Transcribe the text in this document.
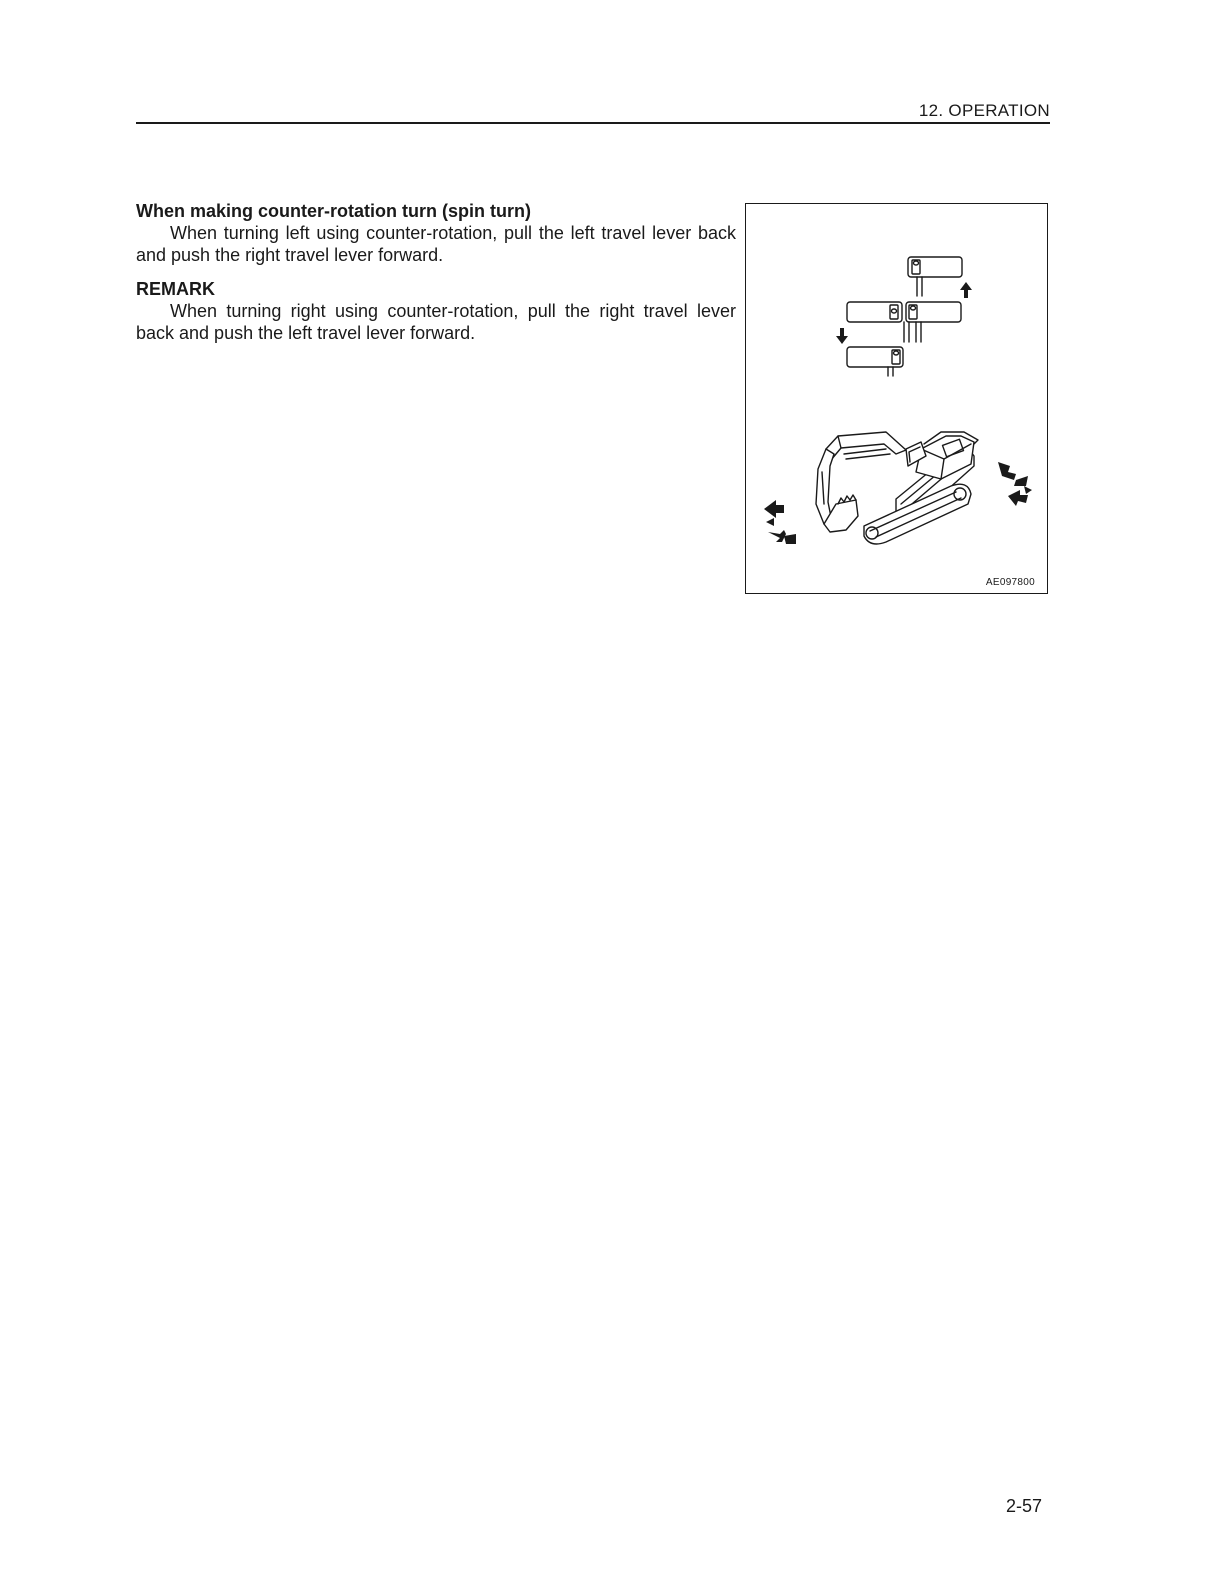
12. OPERATION
When making counter-rotation turn (spin turn)

When turning left using counter-rotation, pull the left travel lever back and push the right travel lever forward.

REMARK

When turning right using counter-rotation, pull the right travel lever back and push the left travel lever forward.

AE097800
2-57
